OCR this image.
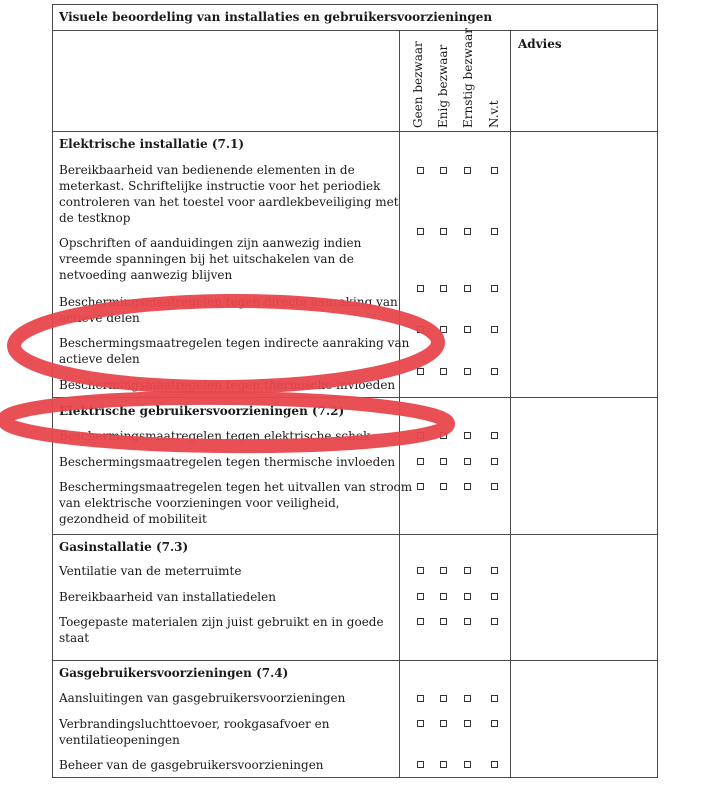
Visuele beoordeling van installaties en gebruikersvoorzieningen
Geen bezwaar Enig bezwaar Ernstig bezwaar N.v.t
Advies
Elektrische installatie (7.1)
Bereikbaarheid van bedienende elementen in de
meterkast. Schriftelijke instructie voor het periodiek
controleren van het toestel voor aardlekbeveiliging met
de testknop
Opschriften of aanduidingen zijn aanwezig indien
vreemde spanningen bij het uitschakelen van de
netvoeding aanwezig blijven
Beschermingsmaatregelen tegen directe aanraking van
actieve delen
Beschermingsmaatregelen tegen indirecte aanraking van
actieve delen
Beschermingsmaatregelen tegen thermische invloeden
Elektrische gebruikersvoorzieningen (7.2)
Beschermingsmaatregelen tegen elektrische schok
Beschermingsmaatregelen tegen thermische invloeden
Beschermingsmaatregelen tegen het uitvallen van stroom
van elektrische voorzieningen voor veiligheid,
gezondheid of mobiliteit
Gasinstallatie (7.3)
Ventilatie van de meterruimte
Bereikbaarheid van installatiedelen
Toegepaste materialen zijn juist gebruikt en in goede
staat
Gasgebruikersvoorzieningen (7.4)
Aansluitingen van gasgebruikersvoorzieningen
Verbrandingsluchttoevoer, rookgasafvoer en
ventilatieopeningen
Beheer van de gasgebruikersvoorzieningen
